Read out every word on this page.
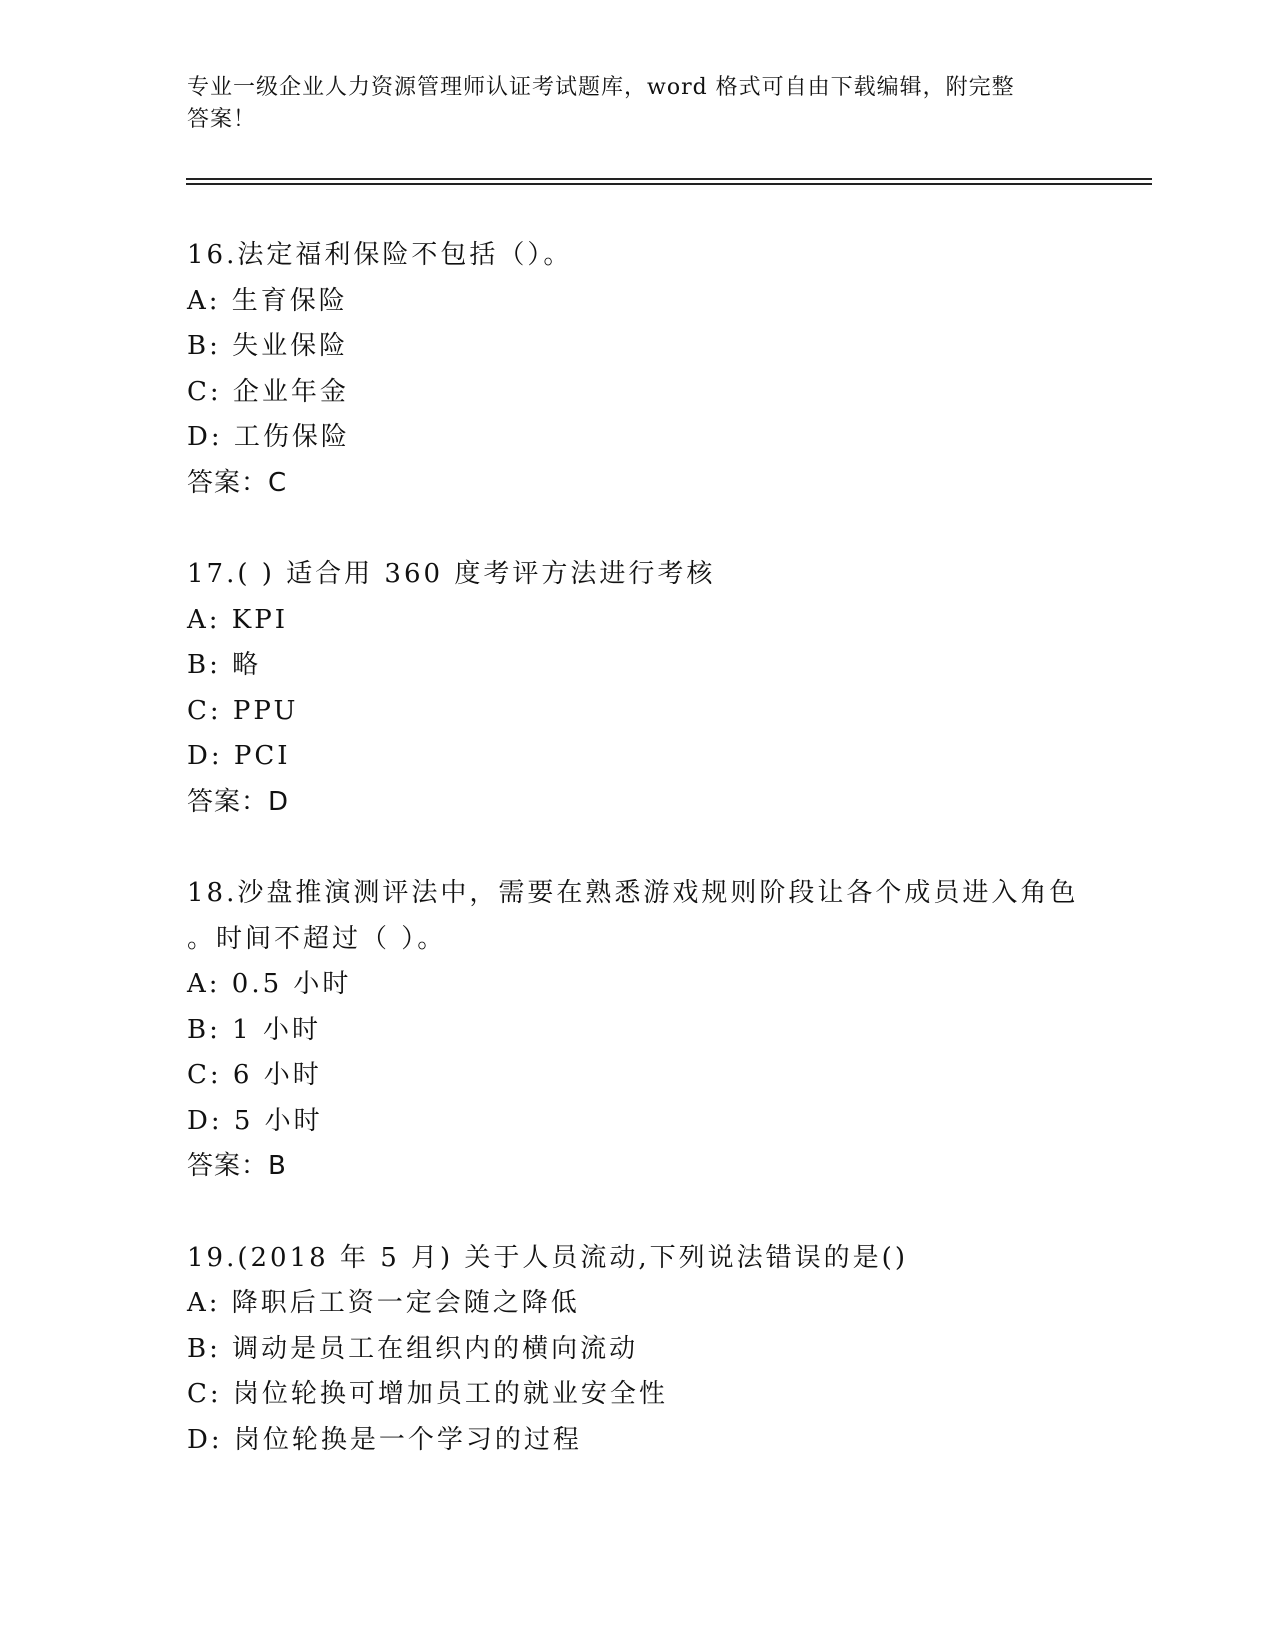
专业一级企业人力资源管理师认证考试题库，word 格式可自由下载编辑，附完整
答案！
16.法定福利保险不包括（）。
A: 生育保险
B: 失业保险
C: 企业年金
D: 工伤保险
答案：C
17.( ) 适合用 360 度考评方法进行考核
A: KPI
B: 略
C: PPU
D: PCI
答案：D
18.沙盘推演测评法中，需要在熟悉游戏规则阶段让各个成员进入角色
。时间不超过（ ）。
A: 0.5 小时
B: 1 小时
C: 6 小时
D: 5 小时
答案：B
19.(2018 年 5 月) 关于人员流动,下列说法错误的是()
A: 降职后工资一定会随之降低
B: 调动是员工在组织内的横向流动
C: 岗位轮换可增加员工的就业安全性
D: 岗位轮换是一个学习的过程
